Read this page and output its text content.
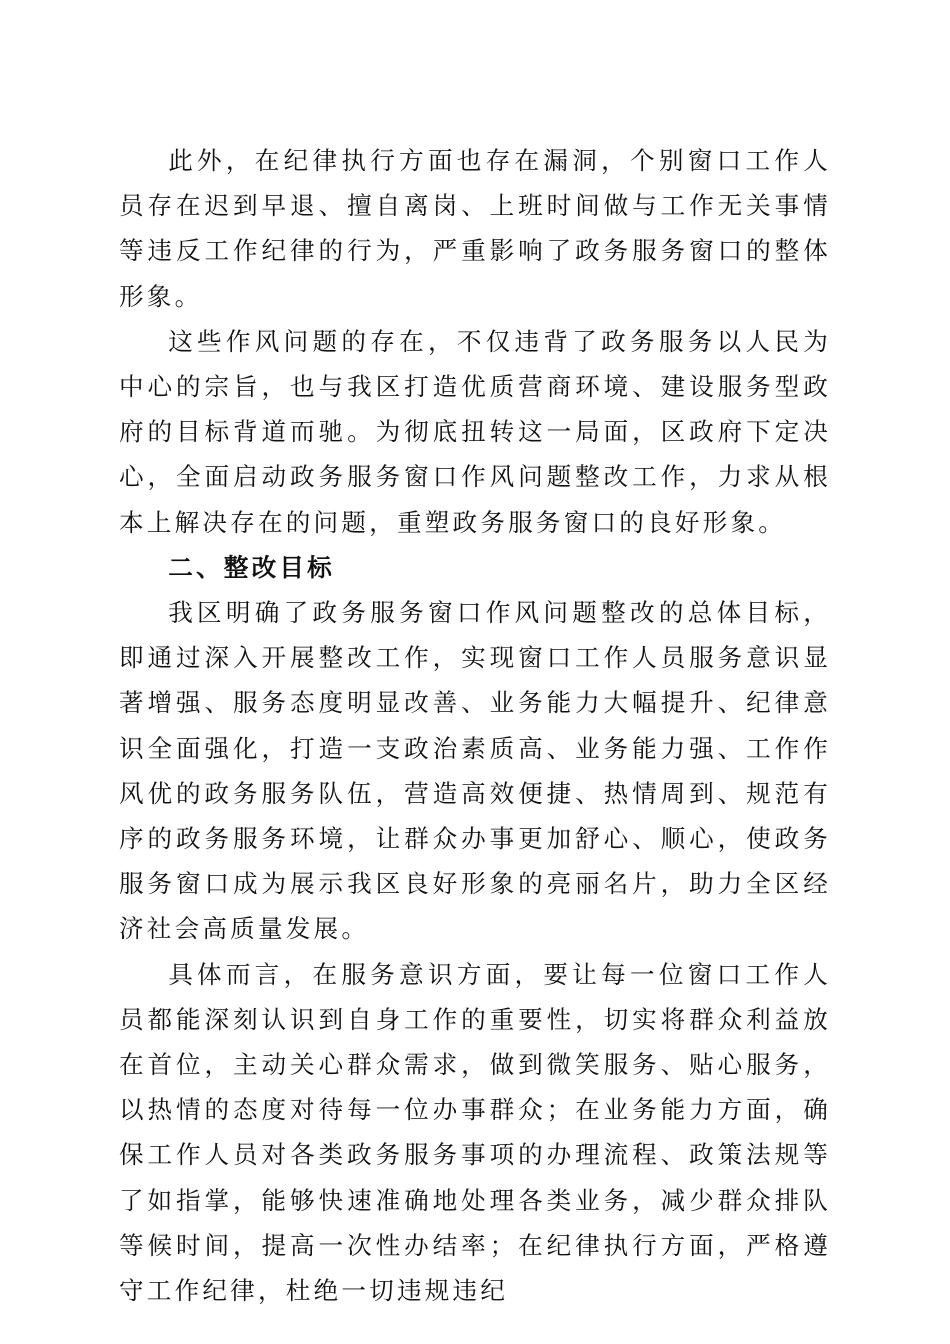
此外，在纪律执行方面也存在漏洞，个别窗口工作人员存在迟到早退、擅自离岗、上班时间做与工作无关事情等违反工作纪律的行为，严重影响了政务服务窗口的整体形象。

这些作风问题的存在，不仅违背了政务服务以人民为中心的宗旨，也与我区打造优质营商环境、建设服务型政府的目标背道而驰。为彻底扭转这一局面，区政府下定决心，全面启动政务服务窗口作风问题整改工作，力求从根本上解决存在的问题，重塑政务服务窗口的良好形象。

二、整改目标

我区明确了政务服务窗口作风问题整改的总体目标，即通过深入开展整改工作，实现窗口工作人员服务意识显著增强、服务态度明显改善、业务能力大幅提升、纪律意识全面强化，打造一支政治素质高、业务能力强、工作作风优的政务服务队伍，营造高效便捷、热情周到、规范有序的政务服务环境，让群众办事更加舒心、顺心，使政务服务窗口成为展示我区良好形象的亮丽名片，助力全区经济社会高质量发展。

具体而言，在服务意识方面，要让每一位窗口工作人员都能深刻认识到自身工作的重要性，切实将群众利益放在首位，主动关心群众需求，做到微笑服务、贴心服务，以热情的态度对待每一位办事群众；在业务能力方面，确保工作人员对各类政务服务事项的办理流程、政策法规等了如指掌，能够快速准确地处理各类业务，减少群众排队等候时间，提高一次性办结率；在纪律执行方面，严格遵守工作纪律，杜绝一切违规违纪
